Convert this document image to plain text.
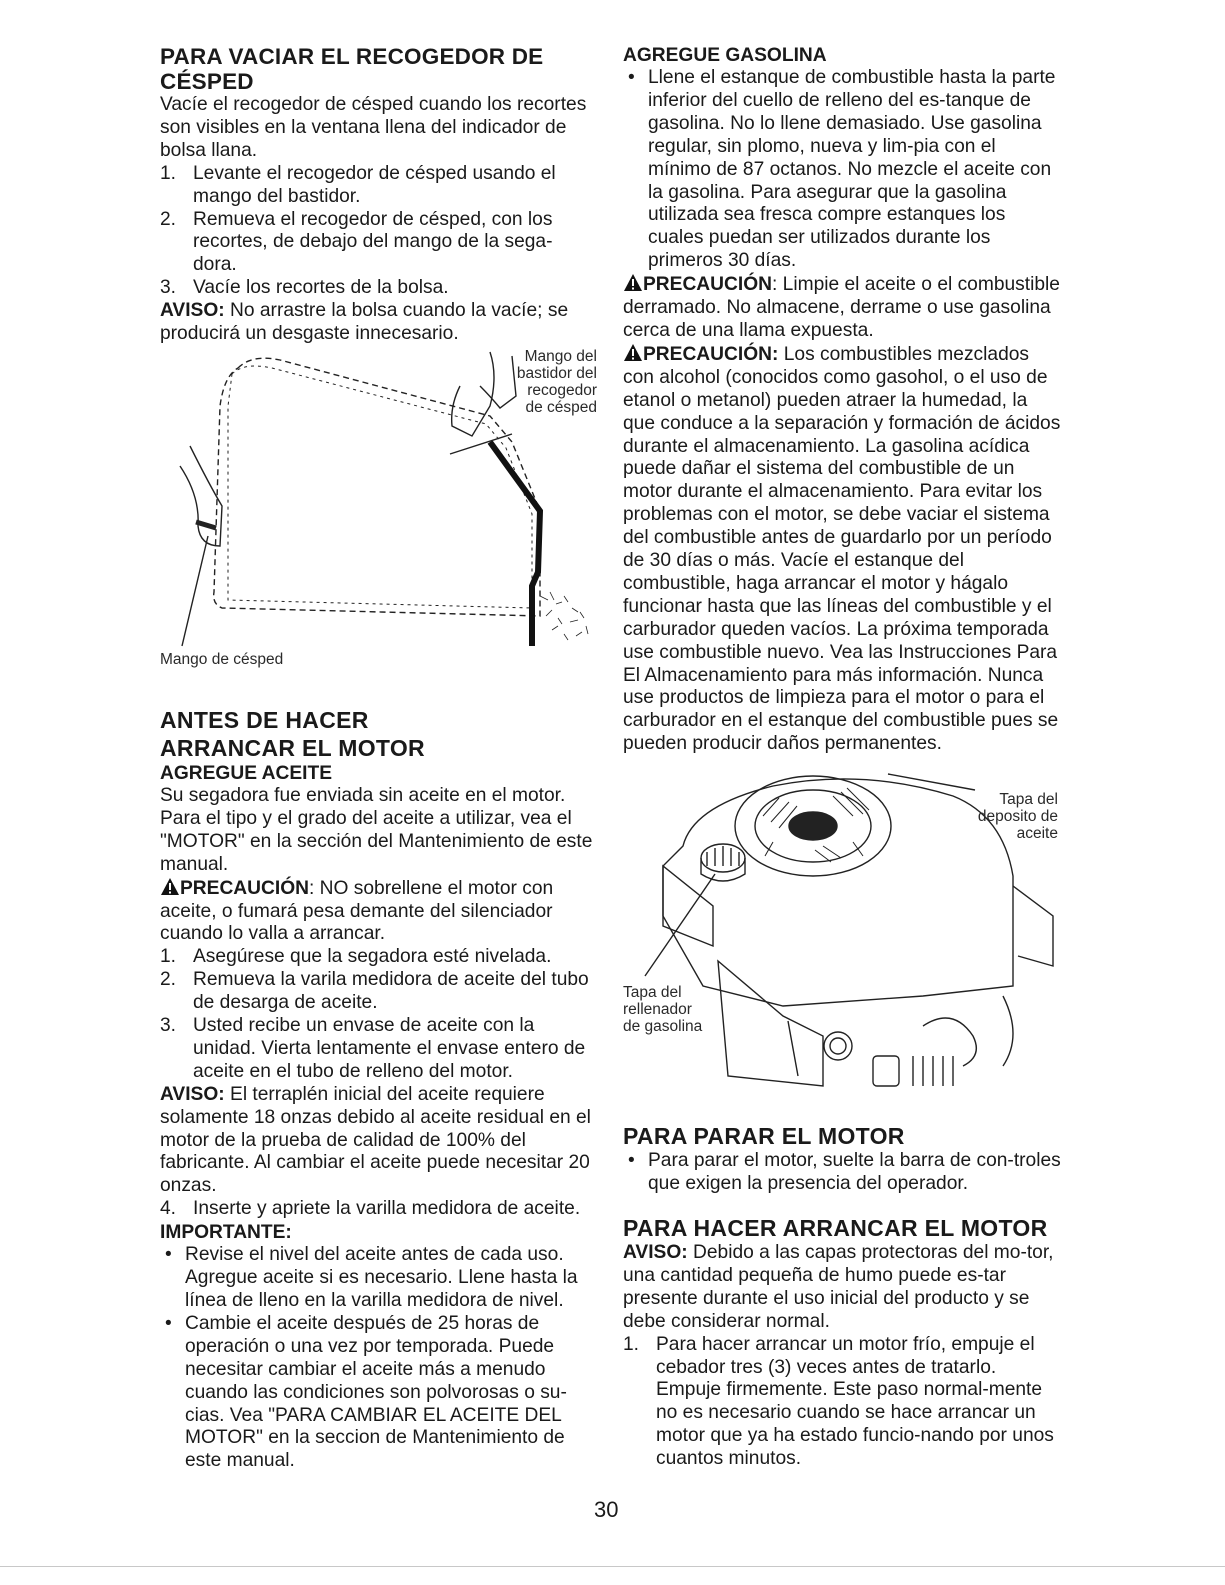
PARA VACIAR EL RECOGEDOR DE
CÉSPED

Vacíe el recogedor de césped cuando los recortes son visibles en la ventana llena del indicador de bolsa llana.

1. Levante el recogedor de césped usando el mango del bastidor.
2. Remueva el recogedor de césped, con los recortes, de debajo del mango de la sega-dora.
3. Vacíe los recortes de la bolsa.

AVISO: No arrastre la bolsa cuando la vacíe; se producirá un desgaste innecesario.

Mango del bastidor del recogedor de césped
Mango de césped
ANTES DE HACER
ARRANCAR EL MOTOR
AGREGUE ACEITE

Su segadora fue enviada sin aceite en el motor. Para el tipo y el grado del aceite a utilizar, vea el "MOTOR" en la sección del Mantenimiento de este manual.

PRECAUCIÓN: NO sobrellene el motor con aceite, o fumará pesa demante del silenciador cuando lo valla a arrancar.

1. Asegúrese que la segadora esté nivelada.
2. Remueva la varila medidora de aceite del tubo de desarga de aceite.
3. Usted recibe un envase de aceite con la unidad. Vierta lentamente el envase entero de aceite en el tubo de relleno del motor.

AVISO: El terraplén inicial del aceite requiere solamente 18 onzas debido al aceite residual en el motor de la prueba de calidad de 100% del fabricante. Al cambiar el aceite puede necesitar 20 onzas.

4. Inserte y apriete la varilla medidora de aceite.
IMPORTANTE:
• Revise el nivel del aceite antes de cada uso. Agregue aceite si es necesario. Llene hasta la línea de lleno en la varilla medidora de nivel.
• Cambie el aceite después de 25 horas de operación o una vez por temporada. Puede necesitar cambiar el aceite más a menudo cuando las condiciones son polvorosas o su-cias. Vea "PARA CAMBIAR EL ACEITE DEL MOTOR" en la seccion de Mantenimiento de este manual.
AGREGUE GASOLINA
• Llene el estanque de combustible hasta la parte inferior del cuello de relleno del es-tanque de gasolina. No lo llene demasiado. Use gasolina regular, sin plomo, nueva y lim-pia con el mínimo de 87 octanos. No mezcle el aceite con la gasolina. Para asegurar que la gasolina utilizada sea fresca compre estanques los cuales puedan ser utilizados durante los primeros 30 días.

PRECAUCIÓN: Limpie el aceite o el combustible derramado. No almacene, derrame o use gasolina cerca de una llama expuesta.

PRECAUCIÓN: Los combustibles mezclados con alcohol (conocidos como gasohol, o el uso de etanol o metanol) pueden atraer la humedad, la que conduce a la separación y formación de ácidos durante el almacenamiento. La gasolina acídica puede dañar el sistema del combustible de un motor durante el almacenamiento. Para evitar los problemas con el motor, se debe vaciar el sistema del combustible antes de guardarlo por un período de 30 días o más. Vacíe el estanque del combustible, haga arrancar el motor y hágalo funcionar hasta que las líneas del combustible y el carburador queden vacíos. La próxima temporada use combustible nuevo. Vea las Instrucciones Para El Almacenamiento para más información. Nunca use productos de limpieza para el motor o para el carburador en el estanque del combustible pues se pueden producir daños permanentes.

Tapa del deposito de aceite
Tapa del rellenador de gasolina
PARA PARAR EL MOTOR
• Para parar el motor, suelte la barra de con-troles que exigen la presencia del operador.
PARA HACER ARRANCAR EL MOTOR

AVISO: Debido a las capas protectoras del mo-tor, una cantidad pequeña de humo puede es-tar presente durante el uso inicial del producto y se debe considerar normal.

1. Para hacer arrancar un motor frío, empuje el cebador tres (3) veces antes de tratarlo. Empuje firmemente. Este paso normal-mente no es necesario cuando se hace arrancar un motor que ya ha estado funcio-nando por unos cuantos minutos.
30
